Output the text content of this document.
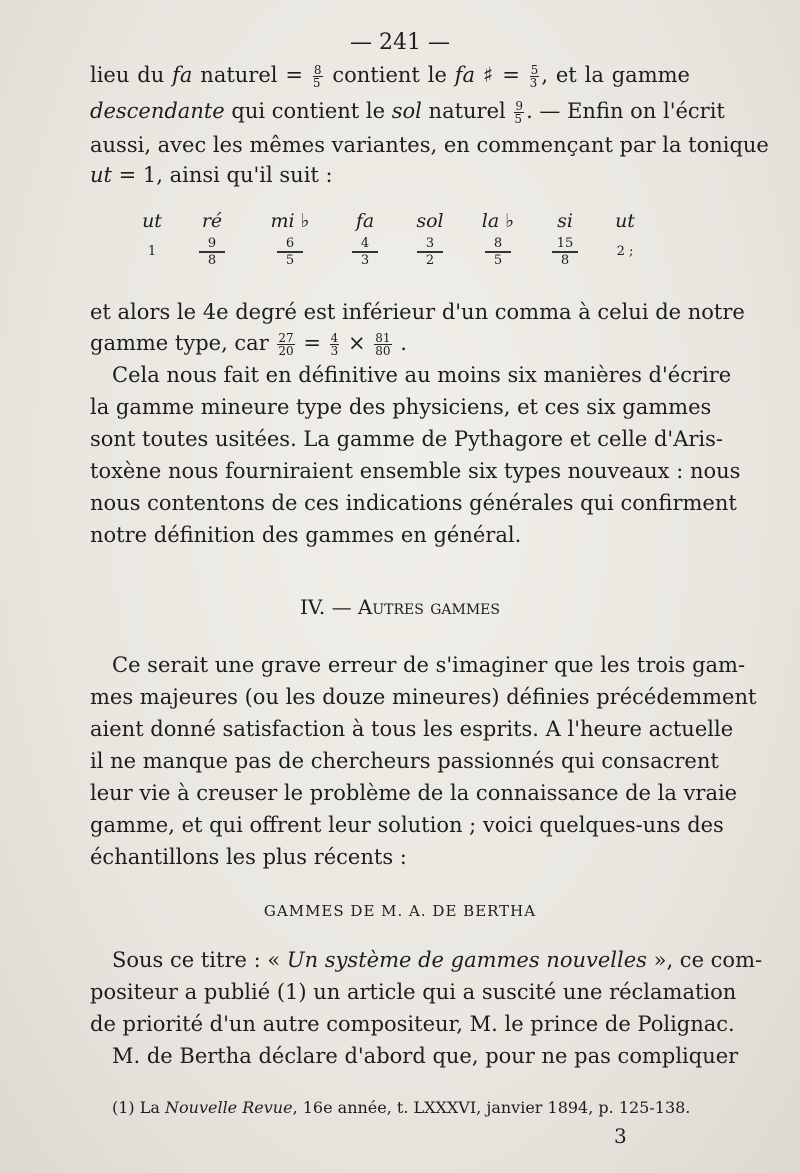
— 241 —
lieu du fa naturel = $\frac{8}{5}$ contient le fa ♯ = $\frac{5}{3}$ , et la gamme
descendante qui contient le sol naturel $\frac{9}{5}$ . — Enfin on l'écrit
aussi, avec les mêmes variantes, en commençant par la tonique
ut = 1, ainsi qu'il suit :
ut
1
ré
9
8
mi ♭
6
5
fa
4
3
sol
3
2
la ♭
8
5
si
15
8
ut
2 ;
et alors le 4e degré est inférieur d'un comma à celui de notre
gamme type, car $\frac{27}{20} = \frac{4}{3} \times \frac{81}{80}$ .
Cela nous fait en définitive au moins six manières d'écrire
la gamme mineure type des physiciens, et ces six gammes
sont toutes usitées. La gamme de Pythagore et celle d'Aris-
toxène nous fourniraient ensemble six types nouveaux : nous
nous contentons de ces indications générales qui confirment
notre définition des gammes en général.
IV. — Autres gammes
Ce serait une grave erreur de s'imaginer que les trois gam-
mes majeures (ou les douze mineures) définies précédemment
aient donné satisfaction à tous les esprits. A l'heure actuelle
il ne manque pas de chercheurs passionnés qui consacrent
leur vie à creuser le problème de la connaissance de la vraie
gamme, et qui offrent leur solution ; voici quelques-uns des
échantillons les plus récents :
GAMMES DE M. A. DE BERTHA
Sous ce titre : « Un système de gammes nouvelles », ce com-
positeur a publié (1) un article qui a suscité une réclamation
de priorité d'un autre compositeur, M. le prince de Polignac.
M. de Bertha déclare d'abord que, pour ne pas compliquer
(1) La Nouvelle Revue, 16e année, t. LXXXVI, janvier 1894, p. 125-138.
3
